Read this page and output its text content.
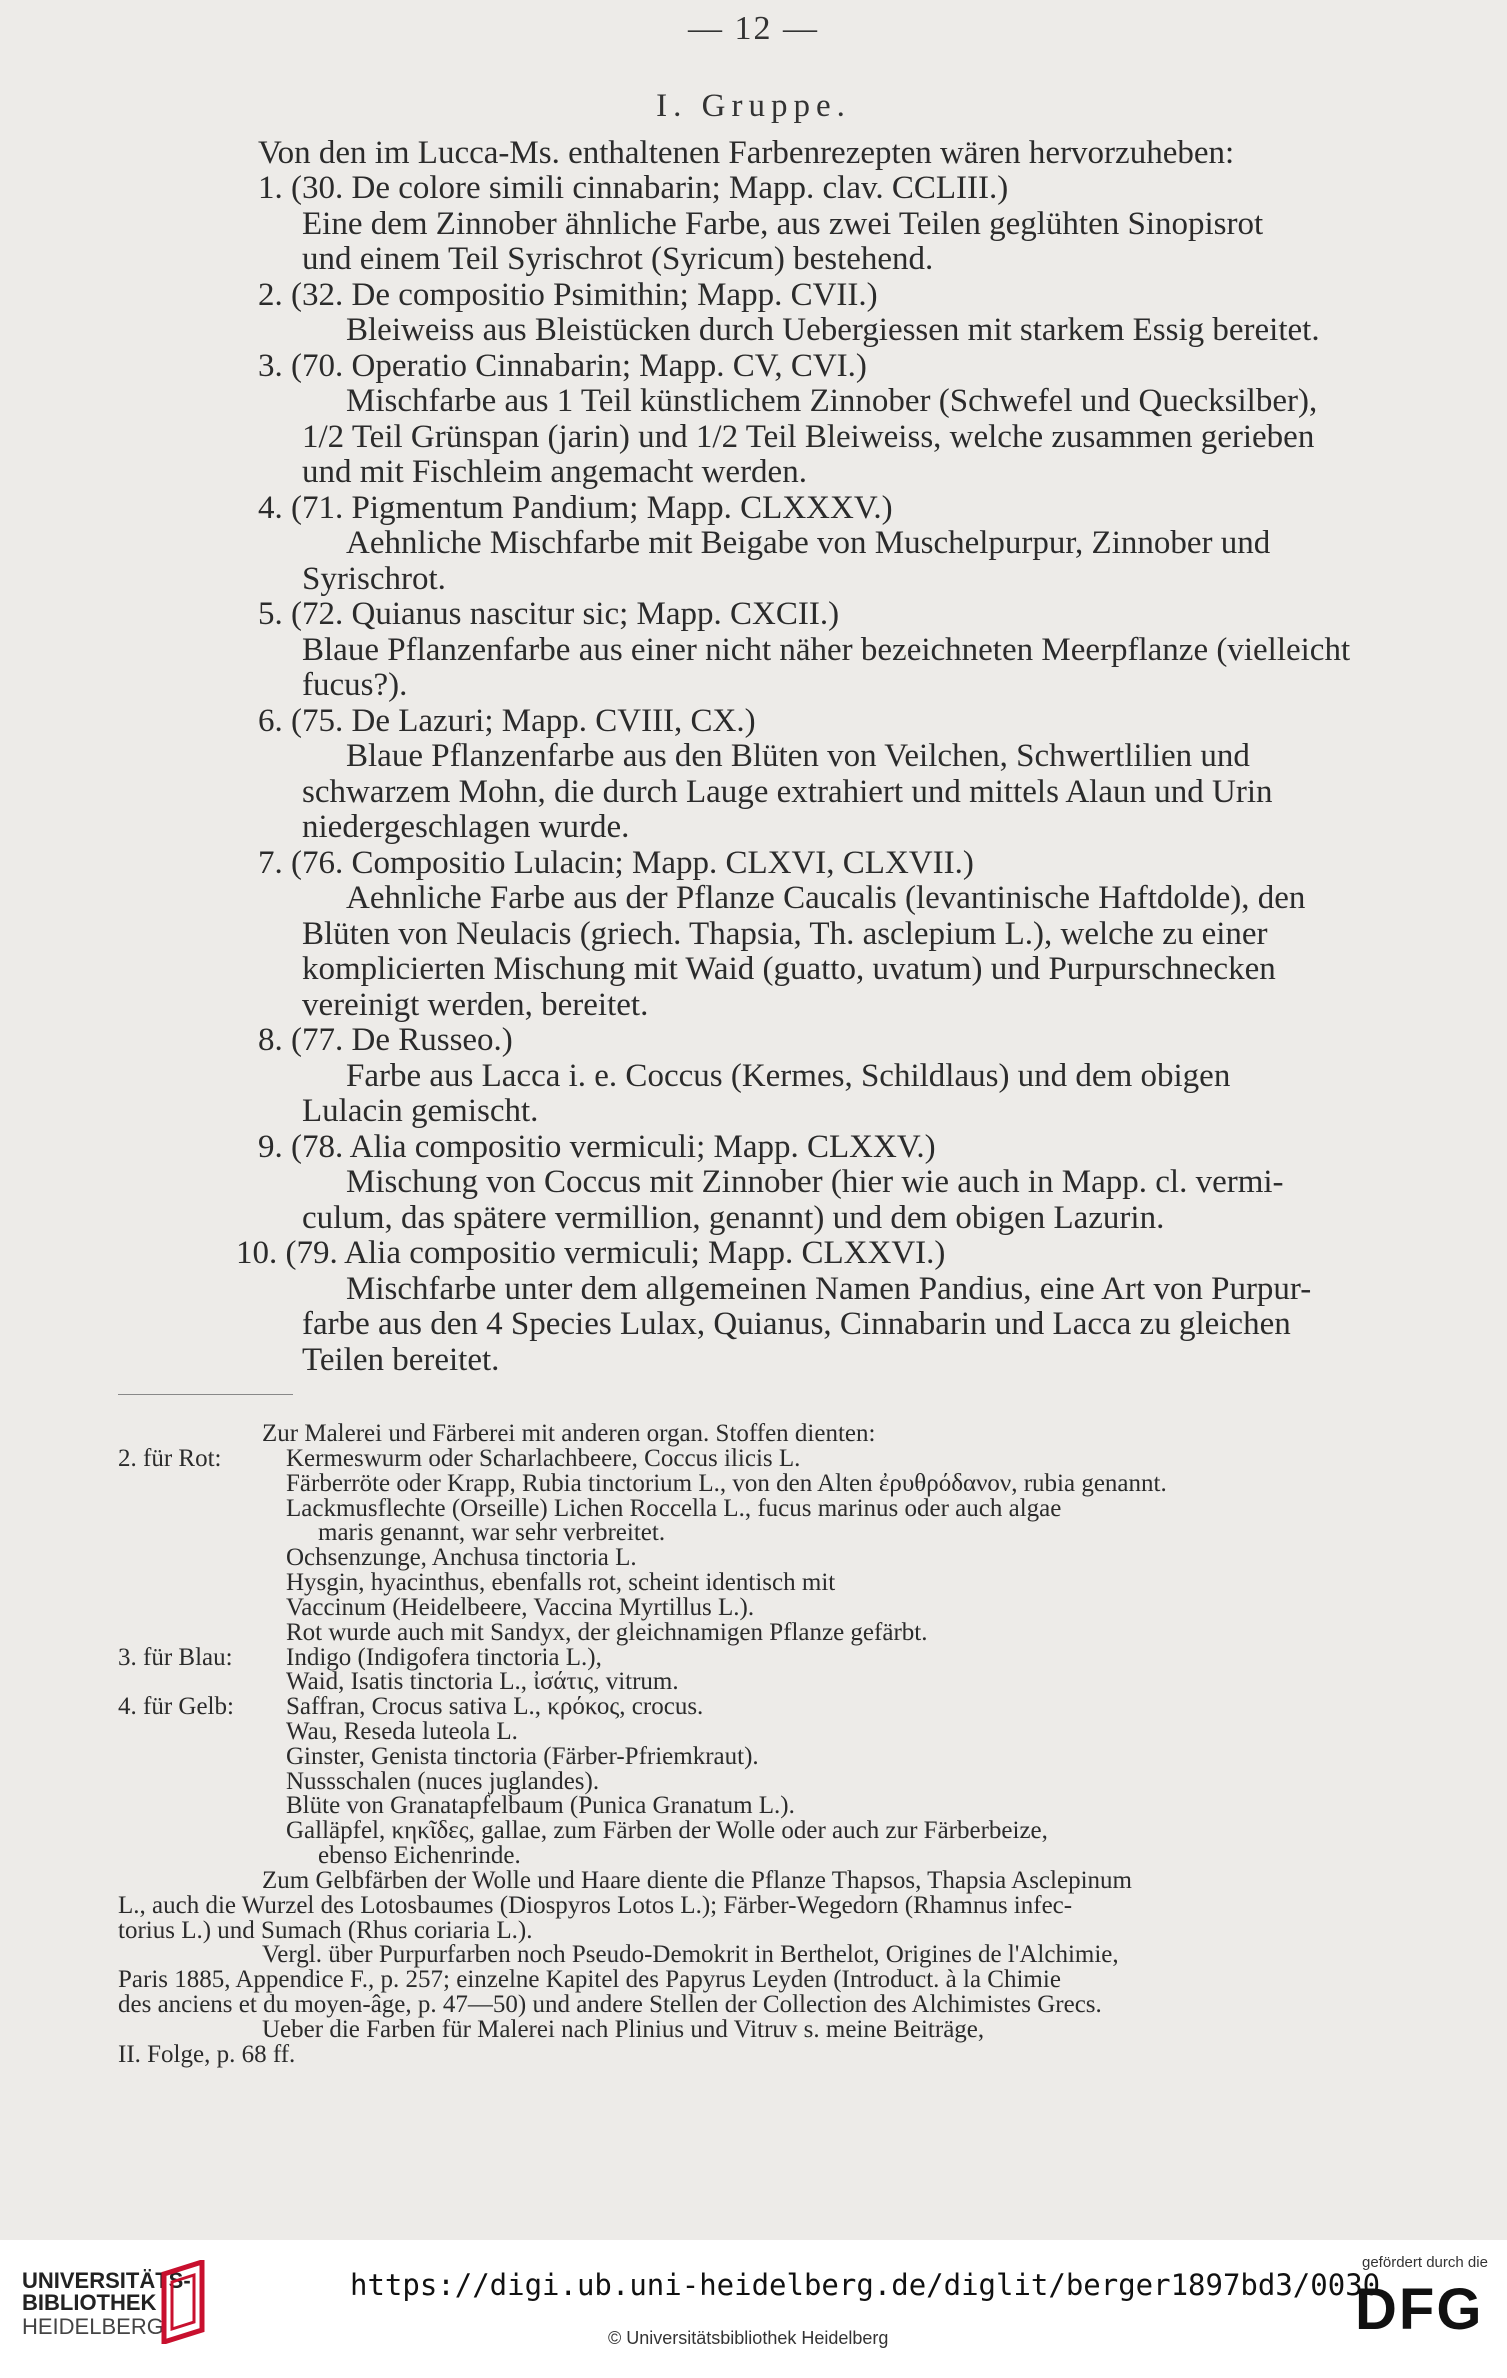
— 12 —
I. Gruppe.
Von den im Lucca-Ms. enthaltenen Farbenrezepten wären hervorzuheben:
1. (30. De colore simili cinnabarin; Mapp. clav. CCLIII.)
Eine dem Zinnober ähnliche Farbe, aus zwei Teilen geglühten Sinopisrot
und einem Teil Syrischrot (Syricum) bestehend.
2. (32. De compositio Psimithin; Mapp. CVII.)
Bleiweiss aus Bleistücken durch Uebergiessen mit starkem Essig bereitet.
3. (70. Operatio Cinnabarin; Mapp. CV, CVI.)
Mischfarbe aus 1 Teil künstlichem Zinnober (Schwefel und Quecksilber),
1/2 Teil Grünspan (jarin) und 1/2 Teil Bleiweiss, welche zusammen gerieben
und mit Fischleim angemacht werden.
4. (71. Pigmentum Pandium; Mapp. CLXXXV.)
Aehnliche Mischfarbe mit Beigabe von Muschelpurpur, Zinnober und
Syrischrot.
5. (72. Quianus nascitur sic; Mapp. CXCII.)
Blaue Pflanzenfarbe aus einer nicht näher bezeichneten Meerpflanze (vielleicht
fucus?).
6. (75. De Lazuri; Mapp. CVIII, CX.)
Blaue Pflanzenfarbe aus den Blüten von Veilchen, Schwertlilien und
schwarzem Mohn, die durch Lauge extrahiert und mittels Alaun und Urin
niedergeschlagen wurde.
7. (76. Compositio Lulacin; Mapp. CLXVI, CLXVII.)
Aehnliche Farbe aus der Pflanze Caucalis (levantinische Haftdolde), den
Blüten von Neulacis (griech. Thapsia, Th. asclepium L.), welche zu einer
komplicierten Mischung mit Waid (guatto, uvatum) und Purpurschnecken
vereinigt werden, bereitet.
8. (77. De Russeo.)
Farbe aus Lacca i. e. Coccus (Kermes, Schildlaus) und dem obigen
Lulacin gemischt.
9. (78. Alia compositio vermiculi; Mapp. CLXXV.)
Mischung von Coccus mit Zinnober (hier wie auch in Mapp. cl. vermi-
culum, das spätere vermillion, genannt) und dem obigen Lazurin.
10. (79. Alia compositio vermiculi; Mapp. CLXXVI.)
Mischfarbe unter dem allgemeinen Namen Pandius, eine Art von Purpur-
farbe aus den 4 Species Lulax, Quianus, Cinnabarin und Lacca zu gleichen
Teilen bereitet.
Zur Malerei und Färberei mit anderen organ. Stoffen dienten:
2. für Rot:	Kermeswurm oder Scharlachbeere, Coccus ilicis L.
Färberröte oder Krapp, Rubia tinctorium L., von den Alten ἐρυθρόδανον, rubia genannt.
Lackmusflechte (Orseille) Lichen Roccella L., fucus marinus oder auch algae
maris genannt, war sehr verbreitet.
Ochsenzunge, Anchusa tinctoria L.
Hysgin, hyacinthus, ebenfalls rot, scheint identisch mit
Vaccinum (Heidelbeere, Vaccina Myrtillus L.).
Rot wurde auch mit Sandyx, der gleichnamigen Pflanze gefärbt.
3. für Blau: Indigo (Indigofera tinctoria L.),
Waid, Isatis tinctoria L., ἰσάτις, vitrum.
4. für Gelb: Saffran, Crocus sativa L., κρόκος, crocus.
Wau, Reseda luteola L.
Ginster, Genista tinctoria (Färber-Pfriemkraut).
Nussschalen (nuces juglandes).
Blüte von Granatapfelbaum (Punica Granatum L.).
Galläpfel, κηκῖδες, gallae, zum Färben der Wolle oder auch zur Färberbeize,
ebenso Eichenrinde.
Zum Gelbfärben der Wolle und Haare diente die Pflanze Thapsos, Thapsia Asclepinum
L., auch die Wurzel des Lotosbaumes (Diospyros Lotos L.); Färber-Wegedorn (Rhamnus infec-
torius L.) und Sumach (Rhus coriaria L.).
Vergl. über Purpurfarben noch Pseudo-Demokrit in Berthelot, Origines de l'Alchimie,
Paris 1885, Appendice F., p. 257; einzelne Kapitel des Papyrus Leyden (Introduct. à la Chimie
des anciens et du moyen-âge, p. 47—50) und andere Stellen der Collection des Alchimistes Grecs.
Ueber die Farben für Malerei nach Plinius und Vitruv s. meine Beiträge,
II. Folge, p. 68 ff.
UNIVERSITÄTS-
BIBLIOTHEK
HEIDELBERG
https://digi.ub.uni-heidelberg.de/diglit/berger1897bd3/0030
© Universitätsbibliothek Heidelberg
gefördert durch die
DFG
